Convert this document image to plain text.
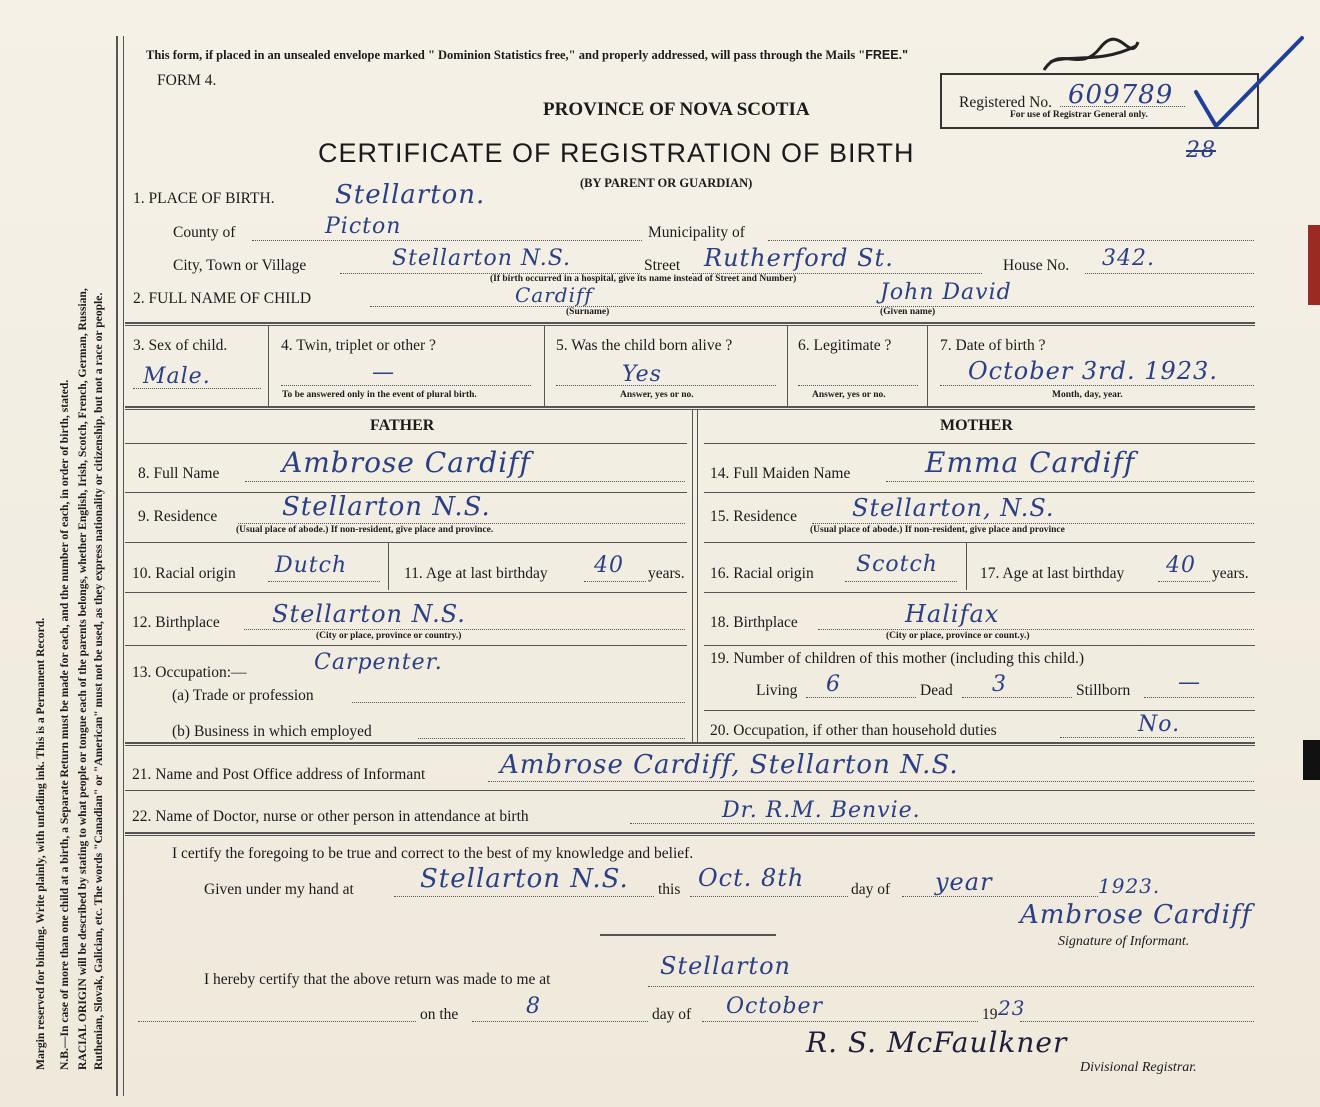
Margin reserved for binding. Write plainly, with unfading ink. This is a Permanent Record. N.B.—In case of more than one child at a birth, a Separate Return must be made for each, and the number of each, in order of birth, stated. RACIAL ORIGIN will be described by stating to what people or tongue each of the parents belongs, whether English, Irish, Scotch, French, German, Russian, Ruthenian, Slovak, Galician, etc. The words "Canadian" or "American" must not be used, as they express nationality or citizenship, but not a race or people.
This form, if placed in an unsealed envelope marked " Dominion Statistics free," and properly addressed, will pass through the Mails "FREE."
FORM 4.
PROVINCE OF NOVA SCOTIA
CERTIFICATE OF REGISTRATION OF BIRTH
(BY PARENT OR GUARDIAN)
Registered No. 609789
For use of Registrar General only.
28
1. PLACE OF BIRTH. Stellarton.
County of	Picton	Municipality of
City, Town or Village	Stellarton N.S.	Street Rutherford St.	House No. 342.
(If birth occurred in a hospital, give its name instead of Street and Number)
2. FULL NAME OF CHILD	Cardiff
(Surname)
John David
(Given name)
3. Sex of child.
Male.
4. Twin, triplet or other ?
—
To be answered only in the event of plural birth.
5. Was the child born alive ?
Yes
Answer, yes or no.
6. Legitimate ?
Answer, yes or no.
7. Date of birth ?
October 3rd. 1923.
Month, day, year.
FATHER	MOTHER
8. Full Name Ambrose Cardiff	14. Full Maiden Name	Emma Cardiff
9. Residence Stellarton N.S.
(Usual place of abode.) If non-resident, give place and province.
15. Residence Stellarton, N.S.
(Usual place of abode.) If non-resident, give place and province
10. Racial origin Dutch	11. Age at last birthday 40 years. 16. Racial origin Scotch	17. Age at last birthday 40 years.
12. Birthplace Stellarton N.S.
(City or place, province or country.)
18. Birthplace	Halifax
(City or place, province or count.y.)
13. Occupation:—	Carpenter.
(a) Trade or profession
(b) Business in which employed
19. Number of children of this mother (including this child.)
Living 6	Dead 3	Stillborn —
20. Occupation, if other than household duties	No.
21. Name and Post Office address of Informant	Ambrose Cardiff, Stellarton N.S.
22. Name of Doctor, nurse or other person in attendance at birth	Dr. R.M. Benvie.
I certify the foregoing to be true and correct to the best of my knowledge and belief.
Given under my hand at	Stellarton N.S. this Oct. 8th	day of year	1923.
Ambrose Cardiff
Signature of Informant.
I hereby certify that the above return was made to me at	Stellarton
on the	8	day of October	19 23
R. S. McFaulkner
Divisional Registrar.
